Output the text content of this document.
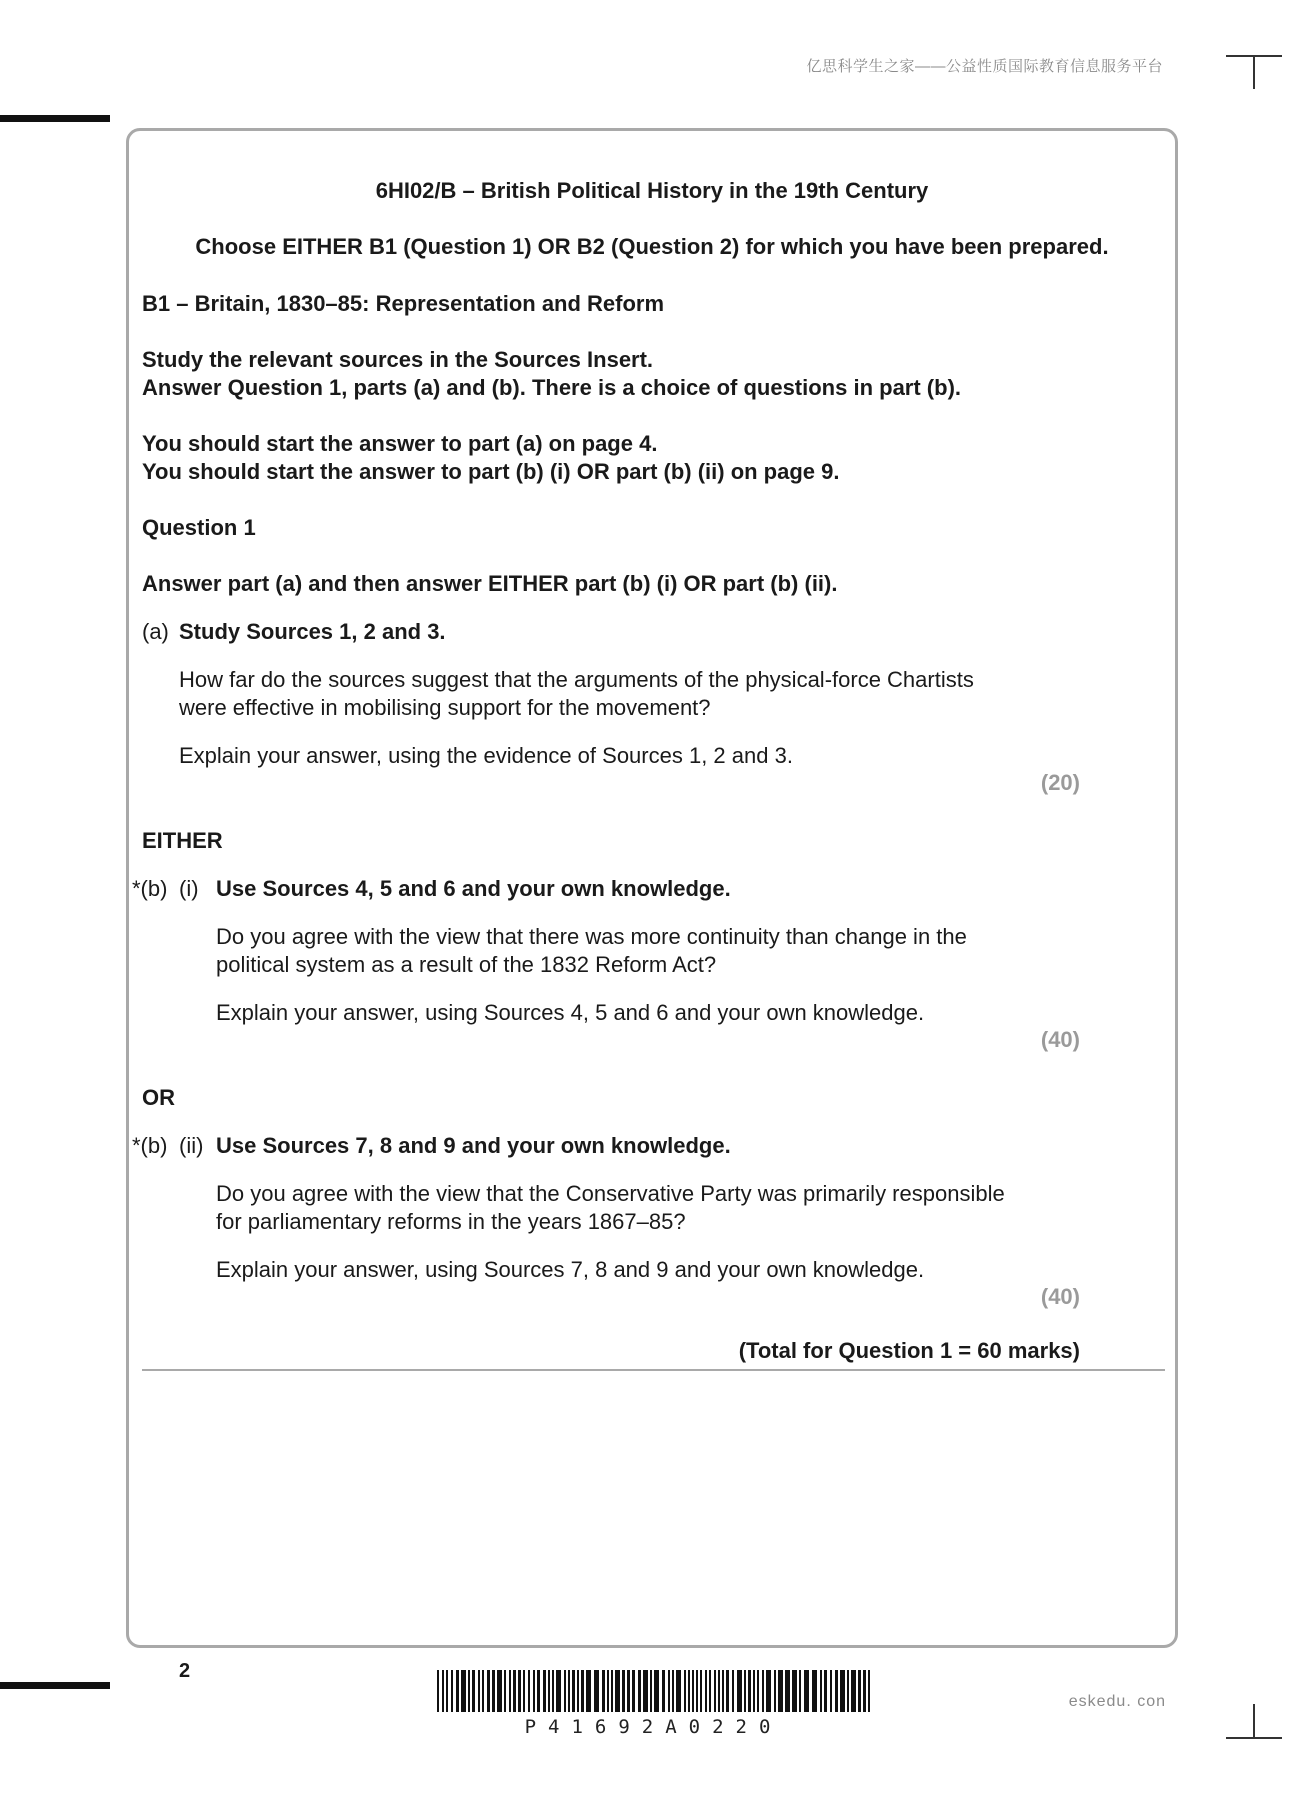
亿思科学生之家——公益性质国际教育信息服务平台
6HI02/B – British Political History in the 19th Century
Choose EITHER B1 (Question 1) OR B2 (Question 2) for which you have been prepared.
B1 – Britain, 1830–85: Representation and Reform
Study the relevant sources in the Sources Insert.
Answer Question 1, parts (a) and (b). There is a choice of questions in part (b).
You should start the answer to part (a) on page 4.
You should start the answer to part (b) (i) OR part (b) (ii) on page 9.
Question 1
Answer part (a) and then answer EITHER part (b) (i) OR part (b) (ii).
(a) Study Sources 1, 2 and 3.
How far do the sources suggest that the arguments of the physical-force Chartists
were effective in mobilising support for the movement?
Explain your answer, using the evidence of Sources 1, 2 and 3.
(20)
EITHER
*(b) (i) Use Sources 4, 5 and 6 and your own knowledge.
Do you agree with the view that there was more continuity than change in the
political system as a result of the 1832 Reform Act?
Explain your answer, using Sources 4, 5 and 6 and your own knowledge.
(40)
OR
*(b) (ii) Use Sources 7, 8 and 9 and your own knowledge.
Do you agree with the view that the Conservative Party was primarily responsible
for parliamentary reforms in the years 1867–85?
Explain your answer, using Sources 7, 8 and 9 and your own knowledge.
(40)
(Total for Question 1 = 60 marks)
2
P41692A0220
eskedu. con
